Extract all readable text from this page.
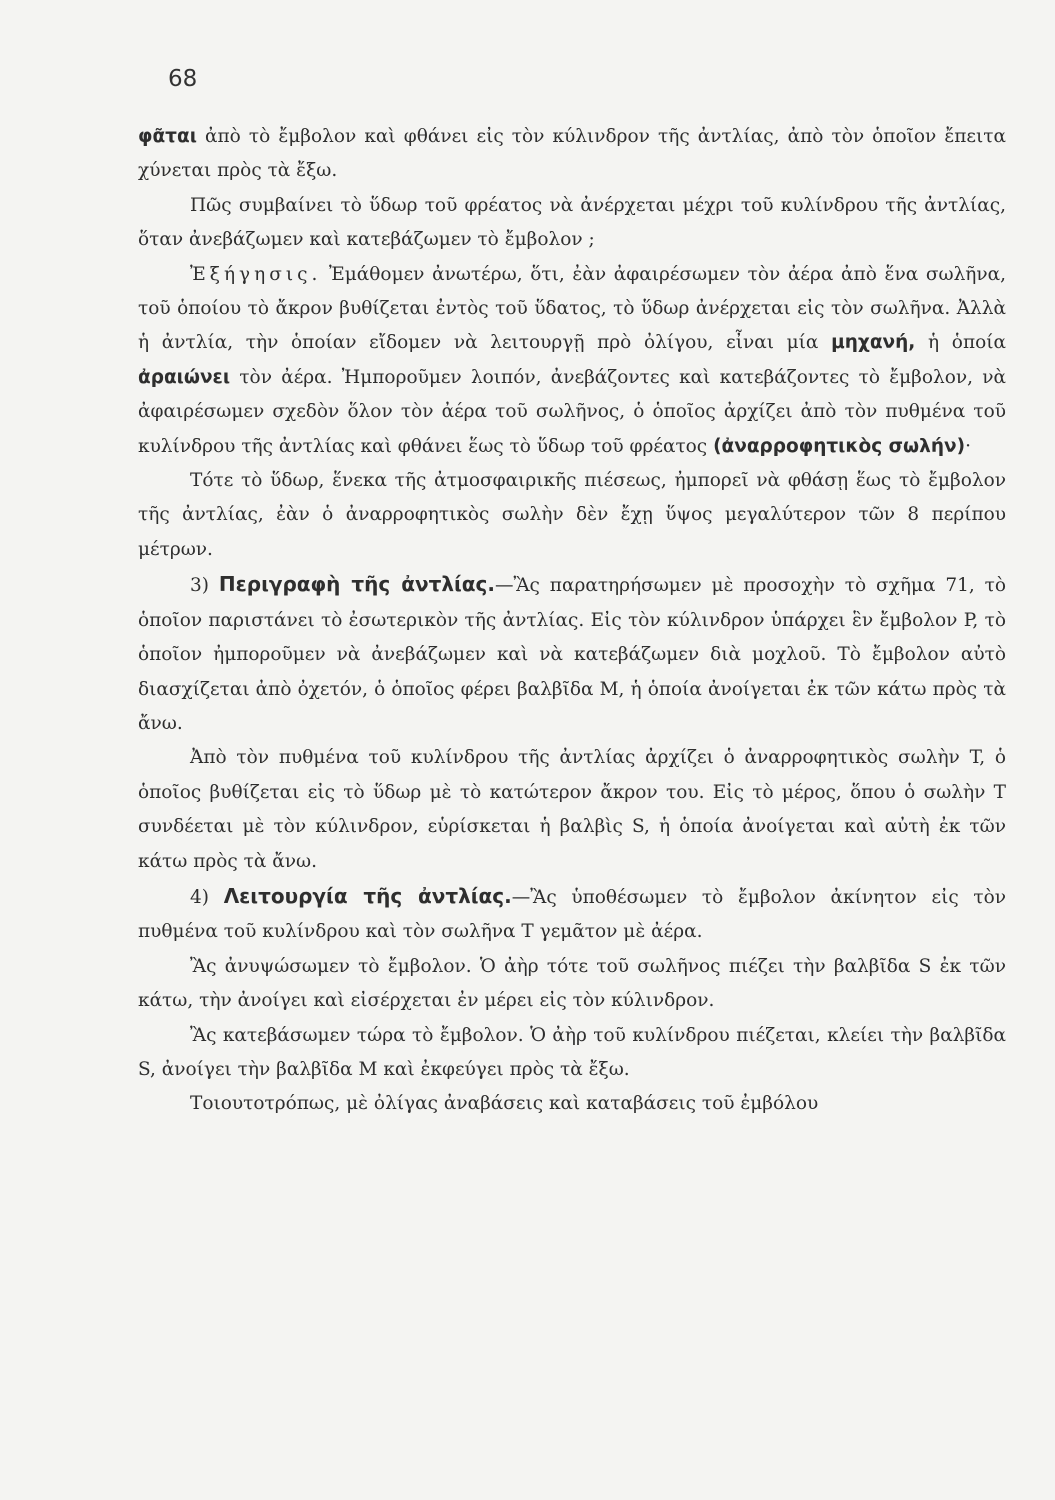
68

φᾶται ἀπὸ τὸ ἔμβολον καὶ φθάνει εἰς τὸν κύλινδρον τῆς ἀντλίας, ἀπὸ τὸν ὁποῖον ἔπειτα χύνεται πρὸς τὰ ἔξω.

Πῶς συμβαίνει τὸ ὕδωρ τοῦ φρέατος νὰ ἀνέρχεται μέχρι τοῦ κυλίνδρου τῆς ἀντλίας, ὅταν ἀνεβάζωμεν καὶ κατεβάζωμεν τὸ ἔμβολον ;

Ἐξήγησις. Ἐμάθομεν ἀνωτέρω, ὅτι, ἐὰν ἀφαιρέσωμεν τὸν ἀέρα ἀπὸ ἕνα σωλῆνα, τοῦ ὁποίου τὸ ἄκρον βυθίζεται ἐντὸς τοῦ ὕδατος, τὸ ὕδωρ ἀνέρχεται εἰς τὸν σωλῆνα. Ἀλλὰ ἡ ἀντλία, τὴν ὁποίαν εἴδομεν νὰ λειτουργῇ πρὸ ὀλίγου, εἶναι μία μηχανή, ἡ ὁποία ἀραιώνει τὸν ἀέρα. Ἠμποροῦμεν λοιπόν, ἀνεβάζοντες καὶ κατεβάζοντες τὸ ἔμβολον, νὰ ἀφαιρέσωμεν σχεδὸν ὅλον τὸν ἀέρα τοῦ σωλῆνος, ὁ ὁποῖος ἀρχίζει ἀπὸ τὸν πυθμένα τοῦ κυλίνδρου τῆς ἀντλίας καὶ φθάνει ἕως τὸ ὕδωρ τοῦ φρέατος (ἀναρροφητικὸς σωλήν)·

Τότε τὸ ὕδωρ, ἕνεκα τῆς ἀτμοσφαιρικῆς πιέσεως, ἠμπορεῖ νὰ φθάσῃ ἕως τὸ ἔμβολον τῆς ἀντλίας, ἐὰν ὁ ἀναρροφητικὸς σωλὴν δὲν ἔχῃ ὕψος μεγαλύτερον τῶν 8 περίπου μέτρων.

3) Περιγραφὴ τῆς ἀντλίας.—Ἂς παρατηρήσωμεν μὲ προσοχὴν τὸ σχῆμα 71, τὸ ὁποῖον παριστάνει τὸ ἐσωτερικὸν τῆς ἀντλίας. Εἰς τὸν κύλινδρον ὑπάρχει ἓν ἔμβολον P, τὸ ὁποῖον ἠμποροῦμεν νὰ ἀνεβάζωμεν καὶ νὰ κατεβάζωμεν διὰ μοχλοῦ. Τὸ ἔμβολον αὐτὸ διασχίζεται ἀπὸ ὀχετόν, ὁ ὁποῖος φέρει βαλβῖδα M, ἡ ὁποία ἀνοίγεται ἐκ τῶν κάτω πρὸς τὰ ἄνω.

Ἀπὸ τὸν πυθμένα τοῦ κυλίνδρου τῆς ἀντλίας ἀρχίζει ὁ ἀναρροφητικὸς σωλὴν T, ὁ ὁποῖος βυθίζεται εἰς τὸ ὕδωρ μὲ τὸ κατώτερον ἄκρον του. Εἰς τὸ μέρος, ὅπου ὁ σωλὴν T συνδέεται μὲ τὸν κύλινδρον, εὑρίσκεται ἡ βαλβὶς S, ἡ ὁποία ἀνοίγεται καὶ αὐτὴ ἐκ τῶν κάτω πρὸς τὰ ἄνω.

4) Λειτουργία τῆς ἀντλίας.—Ἂς ὑποθέσωμεν τὸ ἔμβολον ἀκίνητον εἰς τὸν πυθμένα τοῦ κυλίνδρου καὶ τὸν σωλῆνα T γεμᾶτον μὲ ἀέρα.

Ἂς ἀνυψώσωμεν τὸ ἔμβολον. Ὁ ἀὴρ τότε τοῦ σωλῆνος πιέζει τὴν βαλβῖδα S ἐκ τῶν κάτω, τὴν ἀνοίγει καὶ εἰσέρχεται ἐν μέρει εἰς τὸν κύλινδρον.

Ἂς κατεβάσωμεν τώρα τὸ ἔμβολον. Ὁ ἀὴρ τοῦ κυλίνδρου πιέζεται, κλείει τὴν βαλβῖδα S, ἀνοίγει τὴν βαλβῖδα M καὶ ἐκφεύγει πρὸς τὰ ἔξω.

Τοιουτοτρόπως, μὲ ὀλίγας ἀναβάσεις καὶ καταβάσεις τοῦ ἐμβόλου
